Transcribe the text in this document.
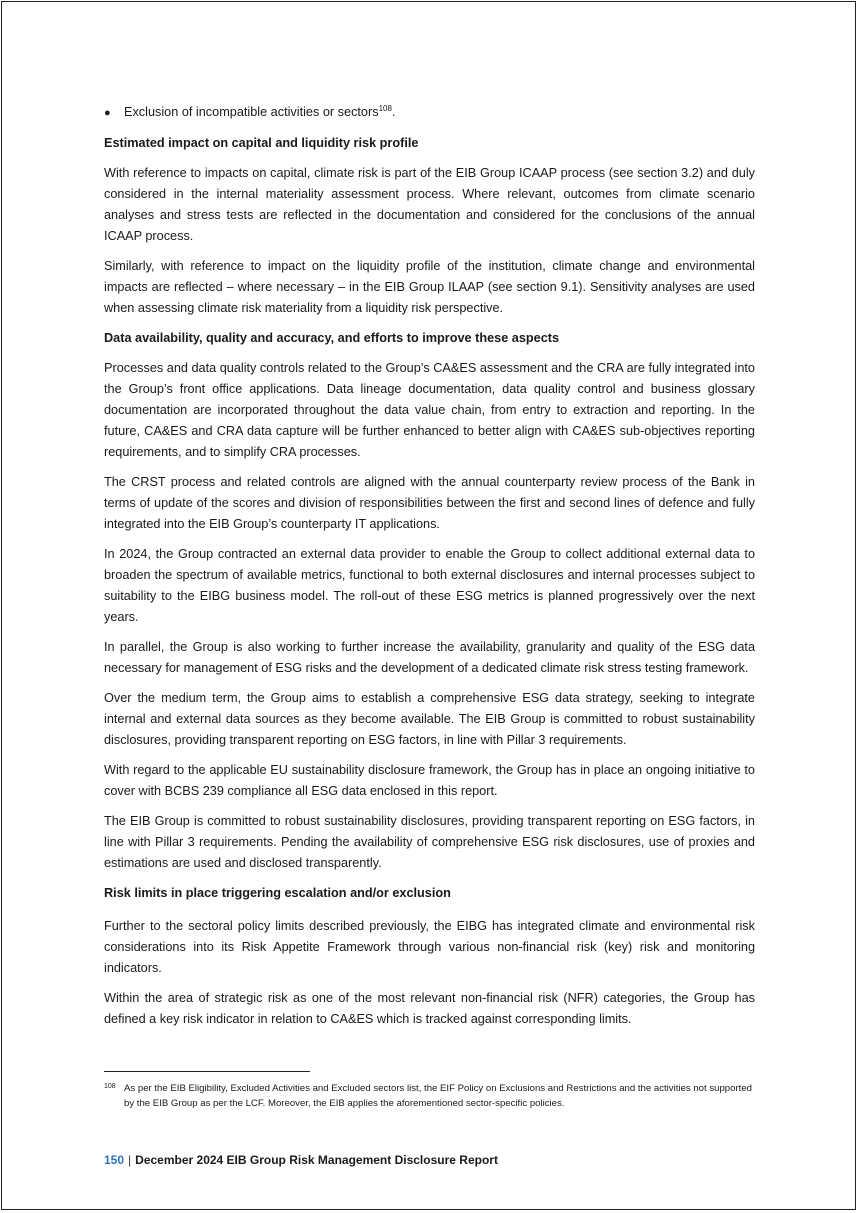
●	Exclusion of incompatible activities or sectors$^{108}$.
Estimated impact on capital and liquidity risk profile

With reference to impacts on capital, climate risk is part of the EIB Group ICAAP process (see section 3.2) and duly considered in the internal materiality assessment process. Where relevant, outcomes from climate scenario analyses and stress tests are reflected in the documentation and considered for the conclusions of the annual ICAAP process.

Similarly, with reference to impact on the liquidity profile of the institution, climate change and environmental impacts are reflected – where necessary – in the EIB Group ILAAP (see section 9.1). Sensitivity analyses are used when assessing climate risk materiality from a liquidity risk perspective.

Data availability, quality and accuracy, and efforts to improve these aspects

Processes and data quality controls related to the Group’s CA&ES assessment and the CRA are fully integrated into the Group’s front office applications. Data lineage documentation, data quality control and business glossary documentation are incorporated throughout the data value chain, from entry to extraction and reporting. In the future, CA&ES and CRA data capture will be further enhanced to better align with CA&ES sub-objectives reporting requirements, and to simplify CRA processes.

The CRST process and related controls are aligned with the annual counterparty review process of the Bank in terms of update of the scores and division of responsibilities between the first and second lines of defence and fully integrated into the EIB Group’s counterparty IT applications.

In 2024, the Group contracted an external data provider to enable the Group to collect additional external data to broaden the spectrum of available metrics, functional to both external disclosures and internal processes subject to suitability to the EIBG business model. The roll-out of these ESG metrics is planned progressively over the next years.

In parallel, the Group is also working to further increase the availability, granularity and quality of the ESG data necessary for management of ESG risks and the development of a dedicated climate risk stress testing framework.

Over the medium term, the Group aims to establish a comprehensive ESG data strategy, seeking to integrate internal and external data sources as they become available. The EIB Group is committed to robust sustainability disclosures, providing transparent reporting on ESG factors, in line with Pillar 3 requirements.

With regard to the applicable EU sustainability disclosure framework, the Group has in place an ongoing initiative to cover with BCBS 239 compliance all ESG data enclosed in this report.

The EIB Group is committed to robust sustainability disclosures, providing transparent reporting on ESG factors, in line with Pillar 3 requirements. Pending the availability of comprehensive ESG risk disclosures, use of proxies and estimations are used and disclosed transparently.

Risk limits in place triggering escalation and/or exclusion

Further to the sectoral policy limits described previously, the EIBG has integrated climate and environmental risk considerations into its Risk Appetite Framework through various non-financial risk (key) risk and monitoring indicators.

Within the area of strategic risk as one of the most relevant non-financial risk (NFR) categories, the Group has defined a key risk indicator in relation to CA&ES which is tracked against corresponding limits.

108 As per the EIB Eligibility, Excluded Activities and Excluded sectors list, the EIF Policy on Exclusions and Restrictions and the activities not supported by the EIB Group as per the LCF. Moreover, the EIB applies the aforementioned sector-specific policies.
150 | December 2024 EIB Group Risk Management Disclosure Report
